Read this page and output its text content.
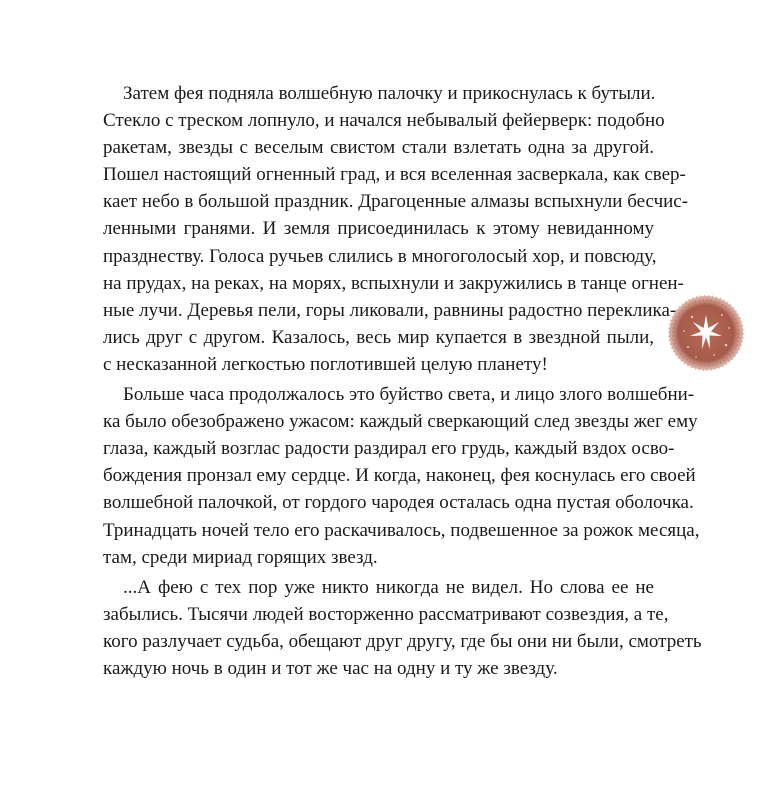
Затем фея подняла волшебную палочку и прикоснулась к бутыли.
Стекло с треском лопнуло, и начался небывалый фейерверк: подобно
ракетам, звезды с веселым свистом стали взлетать одна за другой.
Пошел настоящий огненный град, и вся вселенная засверкала, как свер-
кает небо в большой праздник. Драгоценные алмазы вспыхнули бесчис-
ленными гранями. И земля присоединилась к этому невиданному
празднеству. Голоса ручьев слились в многоголосый хор, и повсюду,
на прудах, на реках, на морях, вспыхнули и закружились в танце огнен-
ные лучи. Деревья пели, горы ликовали, равнины радостно переклика-
лись друг с другом. Казалось, весь мир купается в звездной пыли,
с несказанной легкостью поглотившей целую планету!
Больше часа продолжалось это буйство света, и лицо злого волшебни-
ка было обезображено ужасом: каждый сверкающий след звезды жег ему
глаза, каждый возглас радости раздирал его грудь, каждый вздох осво-
бождения пронзал ему сердце. И когда, наконец, фея коснулась его своей
волшебной палочкой, от гордого чародея осталась одна пустая оболочка.
Тринадцать ночей тело его раскачивалось, подвешенное за рожок месяца,
там, среди мириад горящих звезд.
...А фею с тех пор уже никто никогда не видел. Но слова ее не
забылись. Тысячи людей восторженно рассматривают созвездия, а те,
кого разлучает судьба, обещают друг другу, где бы они ни были, смотреть
каждую ночь в один и тот же час на одну и ту же звезду.
